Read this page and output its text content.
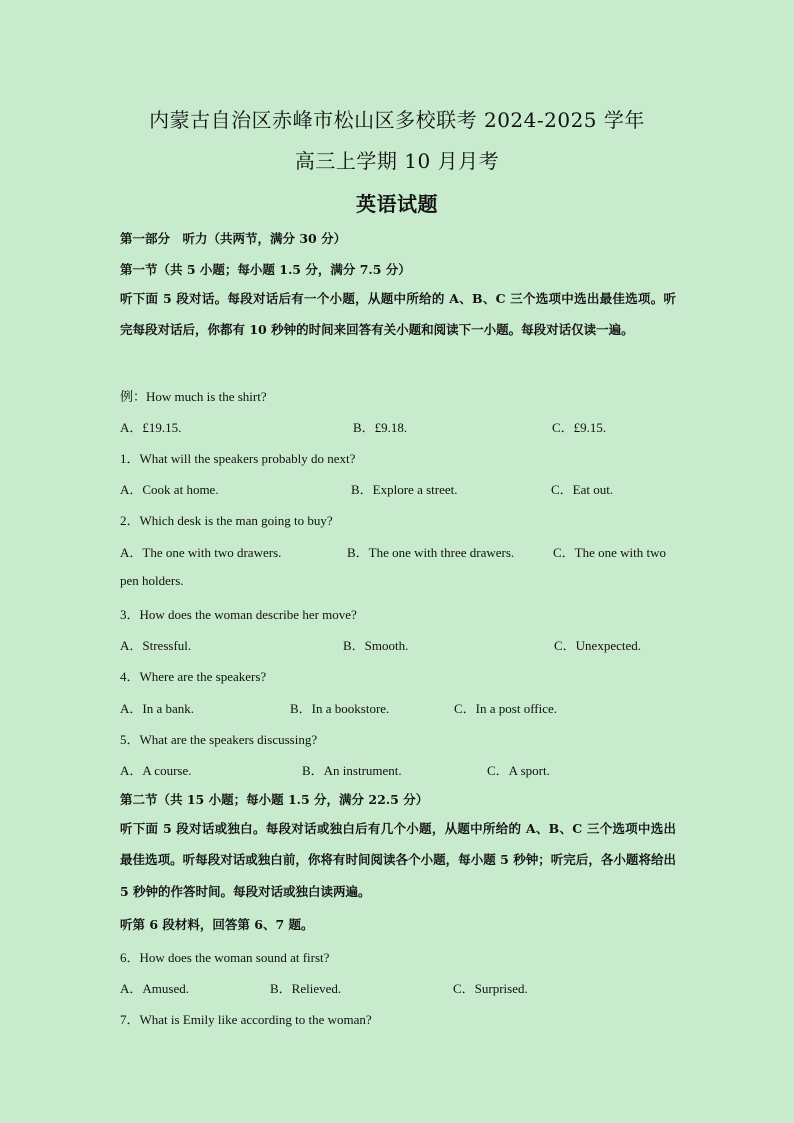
内蒙古自治区赤峰市松山区多校联考 2024-2025 学年
高三上学期 10 月月考
英语试题
第一部分　听力（共两节，满分 30 分）
第一节（共 5 小题；每小题 1.5 分，满分 7.5 分）
听下面 5 段对话。每段对话后有一个小题，从题中所给的 A、B、C 三个选项中选出最佳选项。听完每段对话后，你都有 10 秒钟的时间来回答有关小题和阅读下一小题。每段对话仅读一遍。
例：How much is the shirt?
A．£19.15.	B．£9.18.	C．£9.15.
1．What will the speakers probably do next?
A．Cook at home.	B．Explore a street.	C．Eat out.
2．Which desk is the man going to buy?
A．The one with two drawers.	B．The one with three drawers.	C．The one with two
pen holders.
3．How does the woman describe her move?
A．Stressful.	B．Smooth.	C．Unexpected.
4．Where are the speakers?
A．In a bank.	B．In a bookstore.	C．In a post office.
5．What are the speakers discussing?
A．A course.	B．An instrument.	C．A sport.
第二节（共 15 小题；每小题 1.5 分，满分 22.5 分）
听下面 5 段对话或独白。每段对话或独白后有几个小题，从题中所给的 A、B、C 三个选项中选出最佳选项。听每段对话或独白前，你将有时间阅读各个小题，每小题 5 秒钟；听完后，各小题将给出 5 秒钟的作答时间。每段对话或独白读两遍。
听第 6 段材料，回答第 6、7 题。
6．How does the woman sound at first?
A．Amused.	B．Relieved.	C．Surprised.
7．What is Emily like according to the woman?
